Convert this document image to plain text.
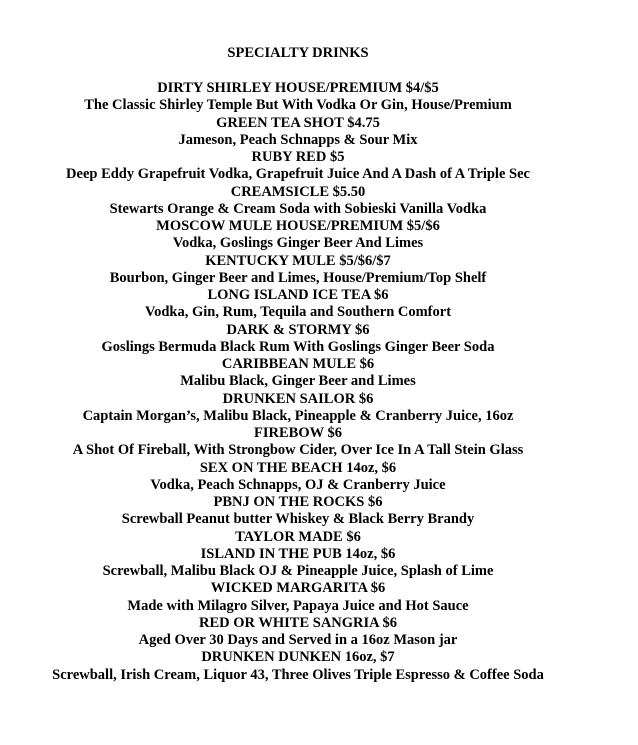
SPECIALTY DRINKS
DIRTY SHIRLEY HOUSE/PREMIUM $4/$5
The Classic Shirley Temple But With Vodka Or Gin, House/Premium
GREEN TEA SHOT $4.75
Jameson, Peach Schnapps & Sour Mix
RUBY RED $5
Deep Eddy Grapefruit Vodka, Grapefruit Juice And A Dash of A Triple Sec
CREAMSICLE $5.50
Stewarts Orange & Cream Soda with Sobieski Vanilla Vodka
MOSCOW MULE HOUSE/PREMIUM $5/$6
Vodka, Goslings Ginger Beer And Limes
KENTUCKY MULE $5/$6/$7
Bourbon, Ginger Beer and Limes, House/Premium/Top Shelf
LONG ISLAND ICE TEA $6
Vodka, Gin, Rum, Tequila and Southern Comfort
DARK & STORMY $6
Goslings Bermuda Black Rum With Goslings Ginger Beer Soda
CARIBBEAN MULE $6
Malibu Black, Ginger Beer and Limes
DRUNKEN SAILOR $6
Captain Morgan’s, Malibu Black, Pineapple & Cranberry Juice, 16oz
FIREBOW $6
A Shot Of Fireball, With Strongbow Cider, Over Ice In A Tall Stein Glass
SEX ON THE BEACH 14oz, $6
Vodka, Peach Schnapps, OJ & Cranberry Juice
PBNJ ON THE ROCKS $6
Screwball Peanut butter Whiskey & Black Berry Brandy
TAYLOR MADE $6
ISLAND IN THE PUB 14oz, $6
Screwball, Malibu Black OJ & Pineapple Juice, Splash of Lime
WICKED MARGARITA $6
Made with Milagro Silver, Papaya Juice and Hot Sauce
RED OR WHITE SANGRIA $6
Aged Over 30 Days and Served in a 16oz Mason jar
DRUNKEN DUNKEN 16oz, $7
Screwball, Irish Cream, Liquor 43, Three Olives Triple Espresso & Coffee Soda
